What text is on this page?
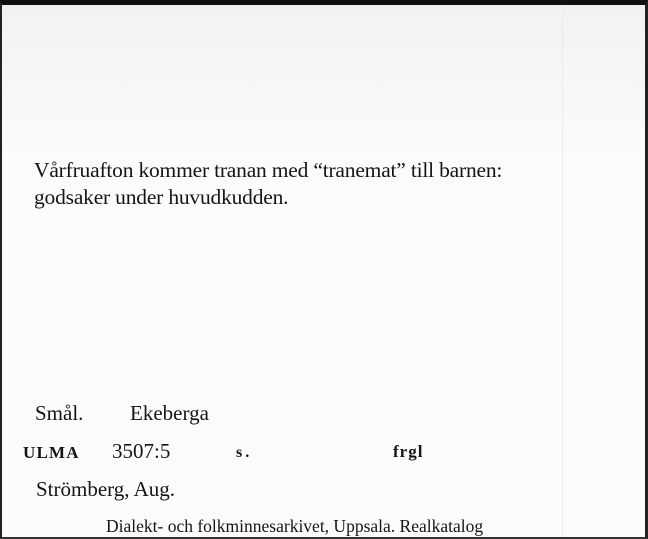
Vårfruafton kommer tranan med “tranemat” till barnen:
godsaker under huvudkudden.
Smål. Ekeberga
ULMA 3507:5	s.	frgl
Strömberg, Aug.
Dialekt- och folkminnesarkivet, Uppsala. Realkatalog
